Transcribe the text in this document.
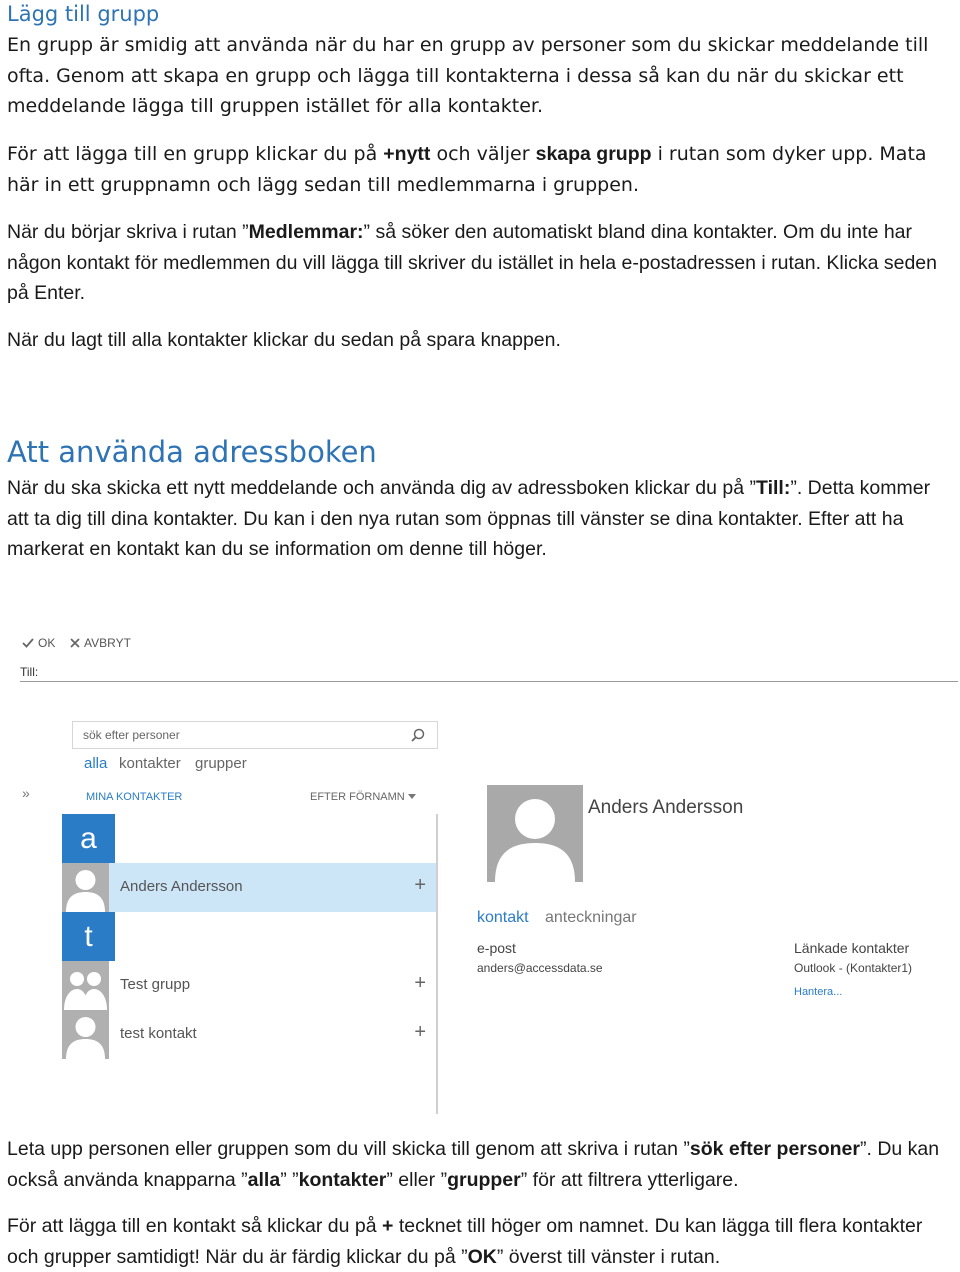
Lägg till grupp

En grupp är smidig att använda när du har en grupp av personer som du skickar meddelande till ofta. Genom att skapa en grupp och lägga till kontakterna i dessa så kan du när du skickar ett meddelande lägga till gruppen istället för alla kontakter.

För att lägga till en grupp klickar du på +nytt och väljer skapa grupp i rutan som dyker upp. Mata här in ett gruppnamn och lägg sedan till medlemmarna i gruppen.

När du börjar skriva i rutan ”Medlemmar:” så söker den automatiskt bland dina kontakter. Om du inte har någon kontakt för medlemmen du vill lägga till skriver du istället in hela e-postadressen i rutan. Klicka seden på Enter.

När du lagt till alla kontakter klickar du sedan på spara knappen.

Att använda adressboken

När du ska skicka ett nytt meddelande och använda dig av adressboken klickar du på ”Till:”. Detta kommer att ta dig till dina kontakter. Du kan i den nya rutan som öppnas till vänster se dina kontakter. Efter att ha markerat en kontakt kan du se information om denne till höger.

OK	AVBRYT
Till:
sök efter personer
alla kontakter grupper
»	MINA KONTAKTER	EFTER FÖRNAMN
a
Anders Andersson	+
t
Test grupp	+
test kontakt	+
Anders Andersson
kontakt anteckningar
e-post
anders@accessdata.se
Länkade kontakter
Outlook - (Kontakter1)
Hantera...

Leta upp personen eller gruppen som du vill skicka till genom att skriva i rutan ”sök efter personer”. Du kan också använda knapparna ”alla” ”kontakter” eller ”grupper” för att filtrera ytterligare.

För att lägga till en kontakt så klickar du på + tecknet till höger om namnet. Du kan lägga till flera kontakter och grupper samtidigt! När du är färdig klickar du på ”OK” överst till vänster i rutan.
